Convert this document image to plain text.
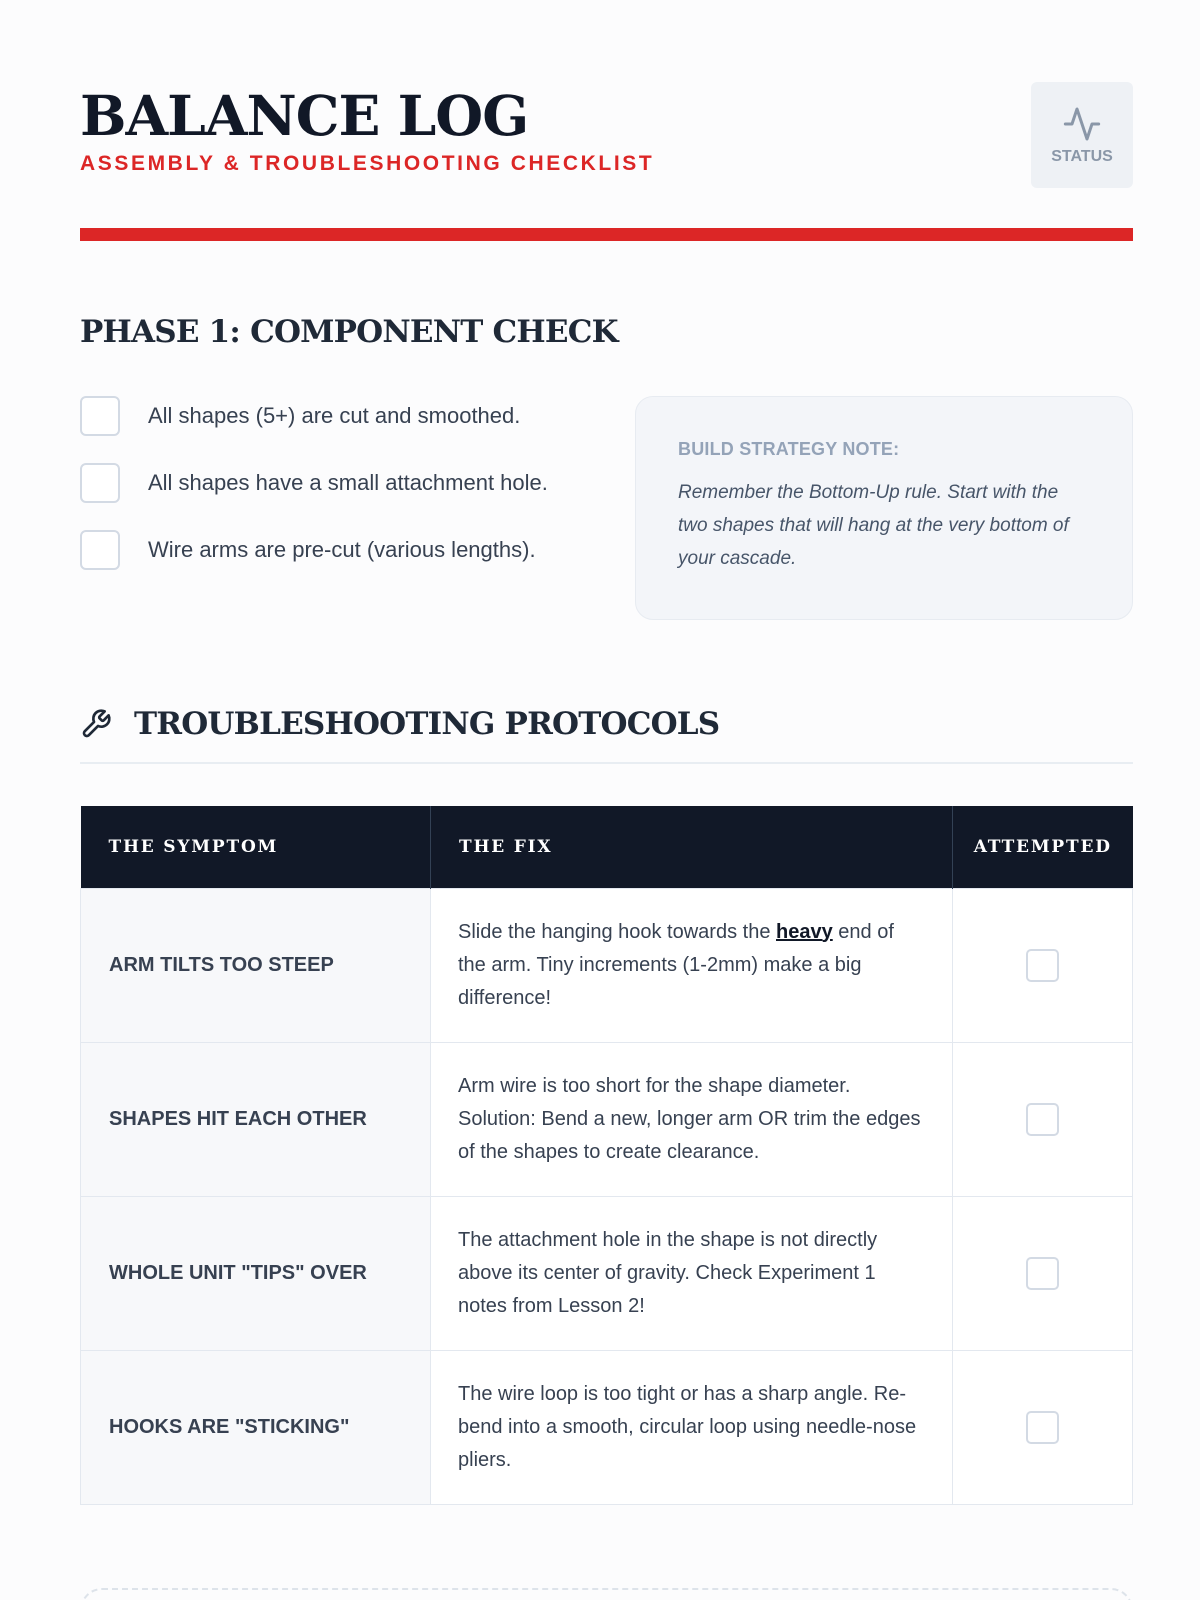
BALANCE LOG
ASSEMBLY & TROUBLESHOOTING CHECKLIST	STATUS
PHASE 1: COMPONENT CHECK
All shapes (5+) are cut and smoothed.
All shapes have a small attachment hole.
Wire arms are pre-cut (various lengths).
BUILD STRATEGY NOTE:
Remember the Bottom-Up rule. Start with the two shapes that will hang at the very bottom of your cascade.
TROUBLESHOOTING PROTOCOLS
THE SYMPTOM	THE FIX	ATTEMPTED
ARM TILTS TOO STEEP	Slide the hanging hook towards the heavy end of the arm. Tiny increments (1-2mm) make a big difference!	
SHAPES HIT EACH OTHER	Arm wire is too short for the shape diameter. Solution: Bend a new, longer arm OR trim the edges of the shapes to create clearance.	
WHOLE UNIT "TIPS" OVER	The attachment hole in the shape is not directly above its center of gravity. Check Experiment 1 notes from Lesson 2!	
HOOKS ARE "STICKING"	The wire loop is too tight or has a sharp angle. Re-bend into a smooth, circular loop using needle-nose pliers.	
